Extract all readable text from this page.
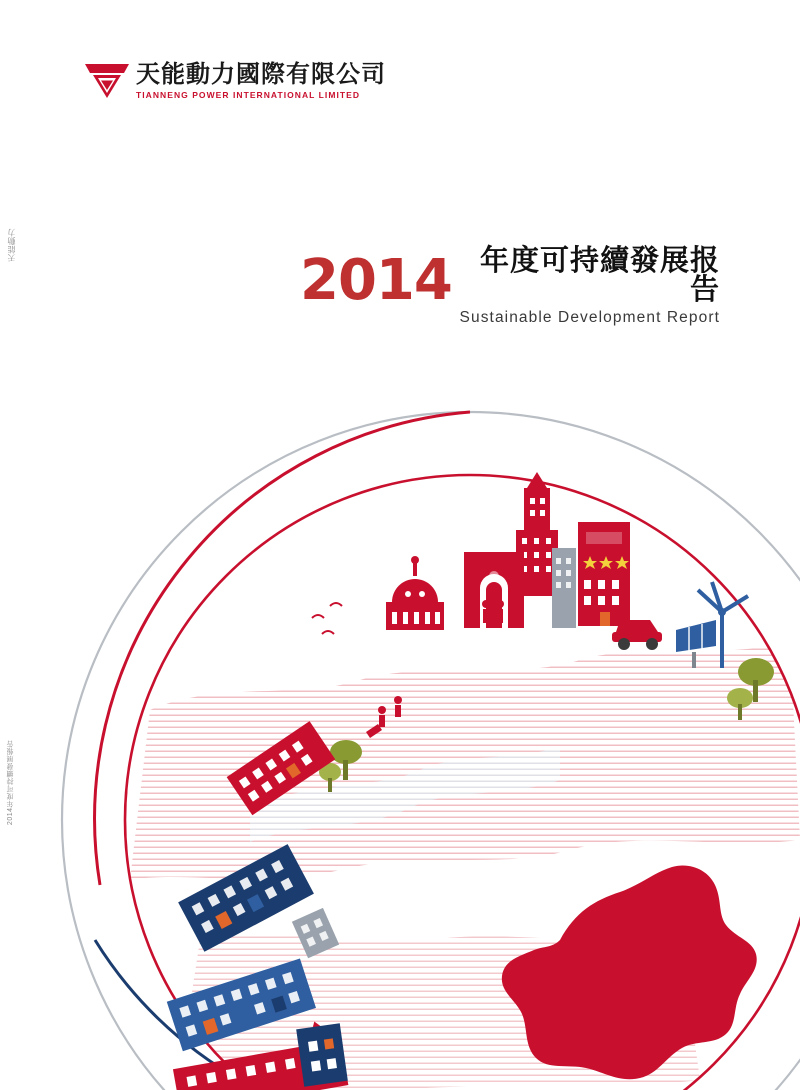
天能動力
2014年度可持續發展報告
天能動力國際有限公司
TIANNENG POWER INTERNATIONAL LIMITED
2014 年度可持續發展报告
Sustainable Development Report
